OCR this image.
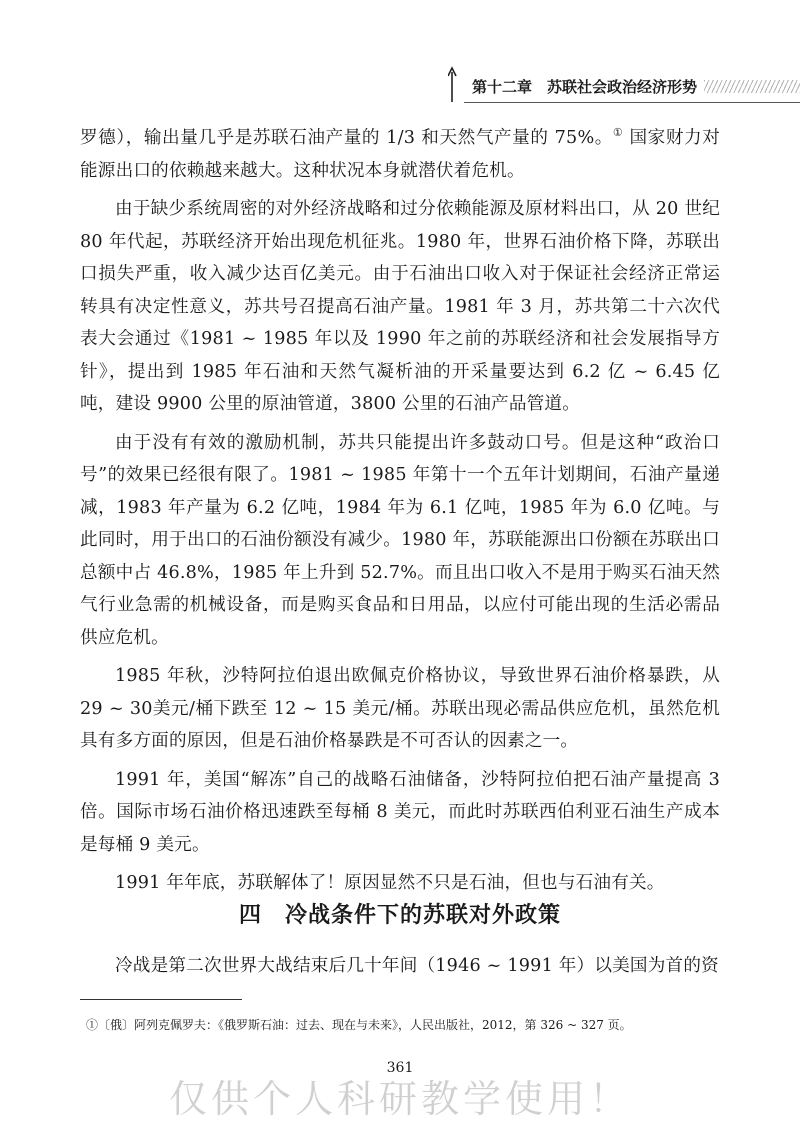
第十二章　苏联社会政治经济形势

罗德），输出量几乎是苏联石油产量的 1/3 和天然气产量的 75%。① 国家财力对能源出口的依赖越来越大。这种状况本身就潜伏着危机。

由于缺少系统周密的对外经济战略和过分依赖能源及原材料出口，从 20 世纪 80 年代起，苏联经济开始出现危机征兆。1980 年，世界石油价格下降，苏联出口损失严重，收入减少达百亿美元。由于石油出口收入对于保证社会经济正常运转具有决定性意义，苏共号召提高石油产量。1981 年 3 月，苏共第二十六次代表大会通过《1981 ~ 1985 年以及 1990 年之前的苏联经济和社会发展指导方针》，提出到 1985 年石油和天然气凝析油的开采量要达到 6.2 亿 ~ 6.45 亿吨，建设 9900 公里的原油管道，3800 公里的石油产品管道。

由于没有有效的激励机制，苏共只能提出许多鼓动口号。但是这种“政治口号”的效果已经很有限了。1981 ~ 1985 年第十一个五年计划期间，石油产量递减，1983 年产量为 6.2 亿吨，1984 年为 6.1 亿吨，1985 年为 6.0 亿吨。与此同时，用于出口的石油份额没有减少。1980 年，苏联能源出口份额在苏联出口总额中占 46.8%，1985 年上升到 52.7%。而且出口收入不是用于购买石油天然气行业急需的机械设备，而是购买食品和日用品，以应付可能出现的生活必需品供应危机。

1985 年秋，沙特阿拉伯退出欧佩克价格协议，导致世界石油价格暴跌，从29 ~ 30美元/桶下跌至 12 ~ 15 美元/桶。苏联出现必需品供应危机，虽然危机具有多方面的原因，但是石油价格暴跌是不可否认的因素之一。

1991 年，美国“解冻”自己的战略石油储备，沙特阿拉伯把石油产量提高 3 倍。国际市场石油价格迅速跌至每桶 8 美元，而此时苏联西伯利亚石油生产成本是每桶 9 美元。

1991 年年底，苏联解体了！原因显然不只是石油，但也与石油有关。

四　冷战条件下的苏联对外政策

冷战是第二次世界大战结束后几十年间（1946 ~ 1991 年）以美国为首的资

①〔俄〕阿列克佩罗夫：《俄罗斯石油：过去、现在与未来》，人民出版社，2012，第 326 ~ 327 页。
361
仅供个人科研教学使用！
